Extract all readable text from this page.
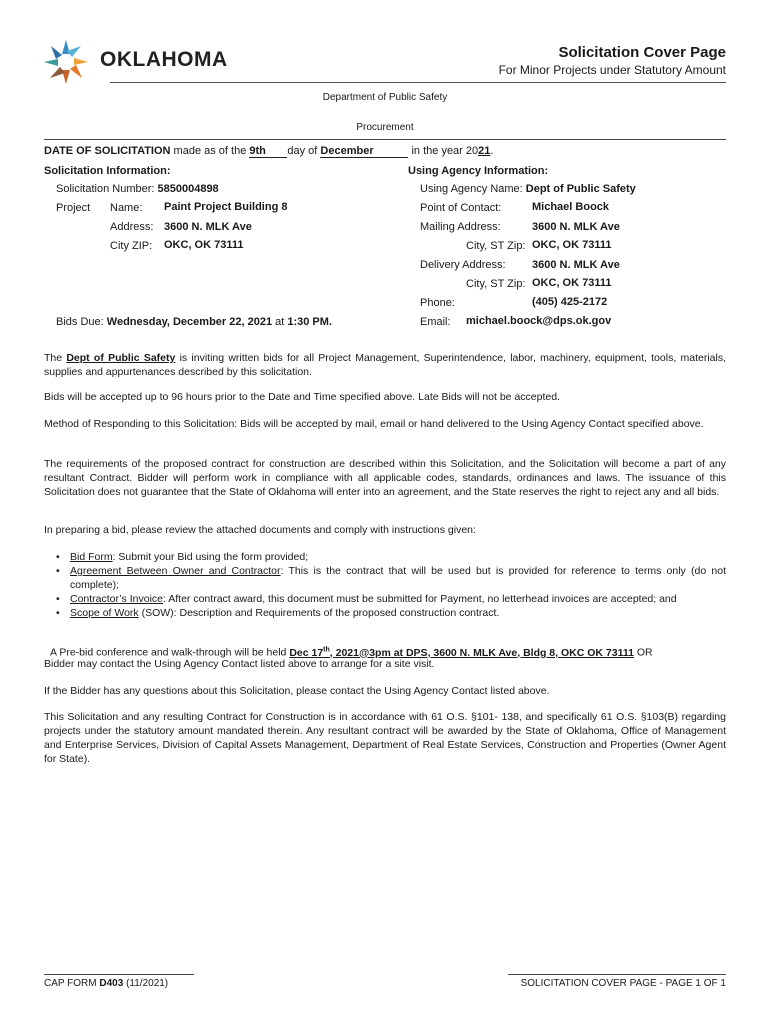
OKLAHOMA	Solicitation Cover Page
For Minor Projects under Statutory Amount
Department of Public Safety
Procurement
DATE OF SOLICITATION made as of the 9th day of December	in the year 2021.
Solicitation Information:
Solicitation Number: 5850004898
Project Name: Paint Project Building 8
Address: 3600 N. MLK Ave
City ZIP: OKC, OK 73111
Bids Due: Wednesday, December 22, 2021 at 1:30 PM.
Using Agency Information:
Using Agency Name: Dept of Public Safety
Point of Contact:	Michael Boock
Mailing Address:	3600 N. MLK Ave
City, ST Zip: OKC, OK 73111
Delivery Address: 3600 N. MLK Ave
City, ST Zip: OKC, OK 73111
Phone:	(405) 425-2172
Email: michael.boock@dps.ok.gov

The Dept of Public Safety is inviting written bids for all Project Management, Superintendence, labor, machinery, equipment, tools, materials, supplies and appurtenances described by this solicitation.

Bids will be accepted up to 96 hours prior to the Date and Time specified above. Late Bids will not be accepted.

Method of Responding to this Solicitation: Bids will be accepted by mail, email or hand delivered to the Using Agency Contact specified above.

The requirements of the proposed contract for construction are described within this Solicitation, and the Solicitation will become a part of any resultant Contract. Bidder will perform work in compliance with all applicable codes, standards, ordinances and laws. The issuance of this Solicitation does not guarantee that the State of Oklahoma will enter into an agreement, and the State reserves the right to reject any and all bids.

In preparing a bid, please review the attached documents and comply with instructions given:

• Bid Form: Submit your Bid using the form provided;
• Agreement Between Owner and Contractor: This is the contract that will be used but is provided for reference to terms only (do not complete);
• Contractor’s Invoice: After contract award, this document must be submitted for Payment, no letterhead invoices are accepted; and
• Scope of Work (SOW): Description and Requirements of the proposed construction contract.

A Pre-bid conference and walk-through will be held Dec 17th, 2021@3pm at DPS, 3600 N. MLK Ave, Bldg 8, OKC OK 73111 OR

Bidder may contact the Using Agency Contact listed above to arrange for a site visit.

If the Bidder has any questions about this Solicitation, please contact the Using Agency Contact listed above.

This Solicitation and any resulting Contract for Construction is in accordance with 61 O.S. §101- 138, and specifically 61 O.S. §103(B) regarding projects under the statutory amount mandated therein. Any resultant contract will be awarded by the State of Oklahoma, Office of Management and Enterprise Services, Division of Capital Assets Management, Department of Real Estate Services, Construction and Properties (Owner Agent for State).

CAP FORM D403 (11/2021)	SOLICITATION COVER PAGE - PAGE 1 OF 1
